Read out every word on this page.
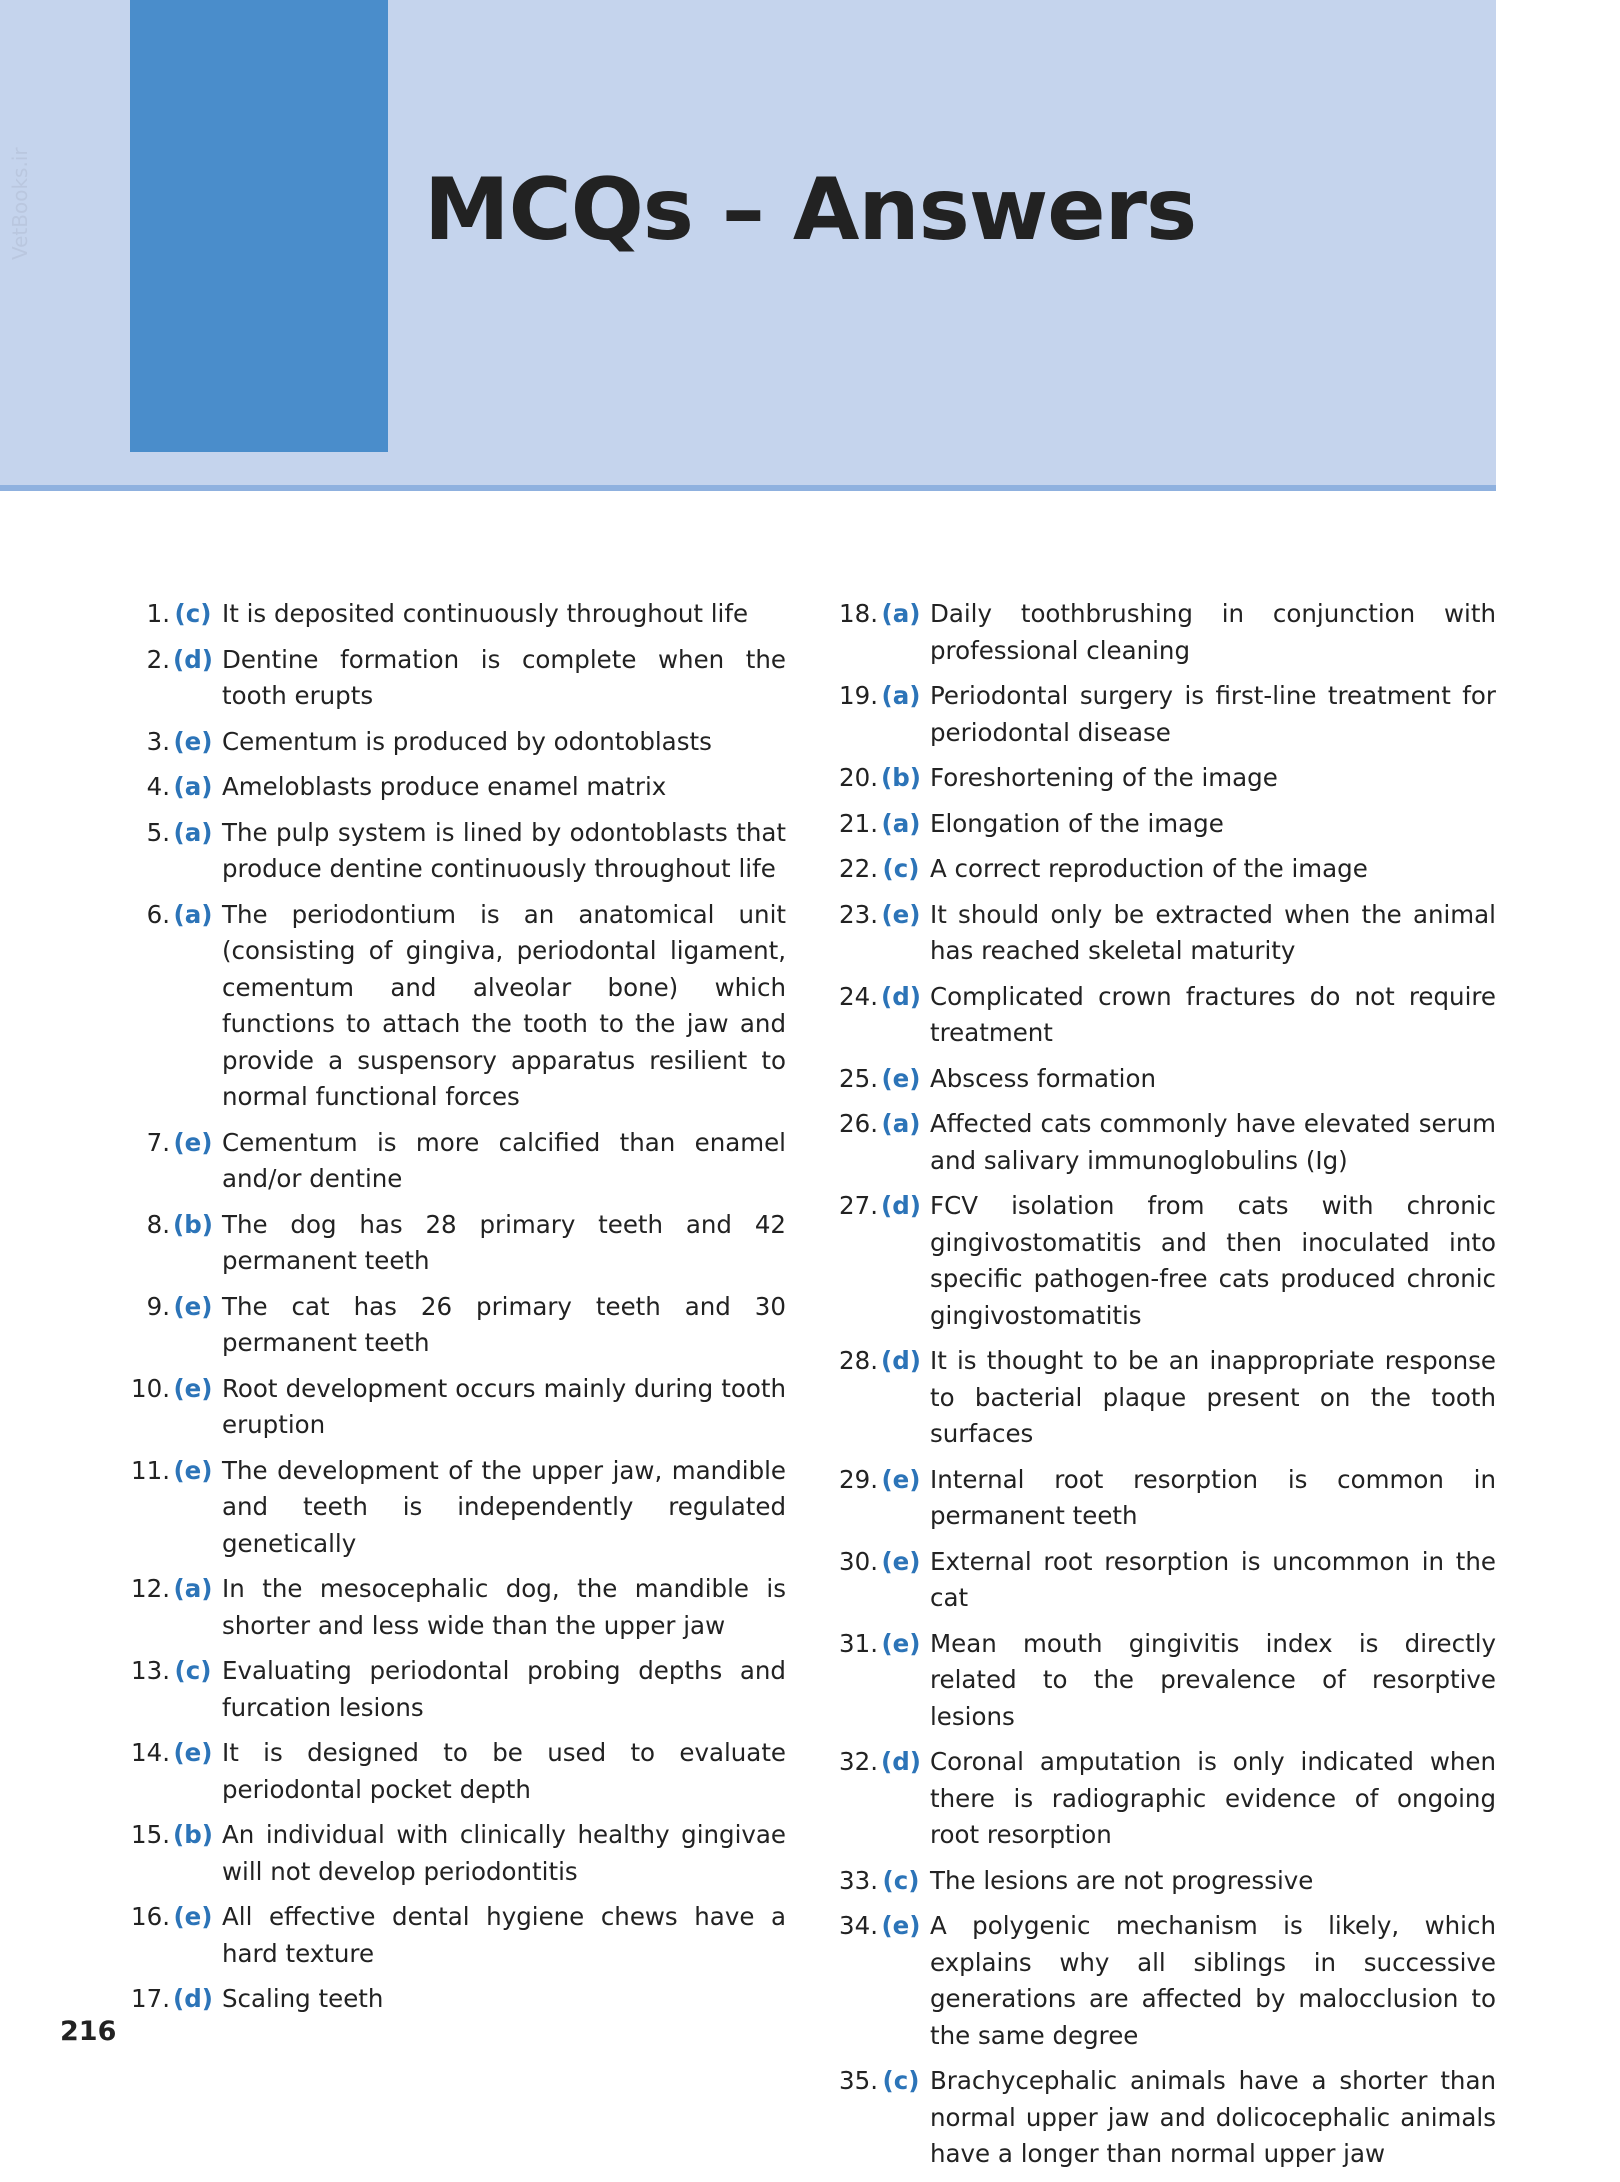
MCQs – Answers
VetBooks.ir
1. (c) It is deposited continuously throughout life
2. (d) Dentine formation is complete when the tooth erupts
3. (e) Cementum is produced by odontoblasts
4. (a) Ameloblasts produce enamel matrix
5. (a) The pulp system is lined by odontoblasts that produce dentine continuously throughout life
6. (a) The periodontium is an anatomical unit (consisting of gingiva, periodontal ligament, cementum and alveolar bone) which functions to attach the tooth to the jaw and provide a suspensory apparatus resilient to normal functional forces
7. (e) Cementum is more calcified than enamel and/or dentine
8. (b) The dog has 28 primary teeth and 42 permanent teeth
9. (e) The cat has 26 primary teeth and 30 permanent teeth
10. (e) Root development occurs mainly during tooth eruption
11. (e) The development of the upper jaw, mandible and teeth is independently regulated genetically
12. (a) In the mesocephalic dog, the mandible is shorter and less wide than the upper jaw
13. (c) Evaluating periodontal probing depths and furcation lesions
14. (e) It is designed to be used to evaluate periodontal pocket depth
15. (b) An individual with clinically healthy gingivae will not develop periodontitis
16. (e) All effective dental hygiene chews have a hard texture
17. (d) Scaling teeth
18. (a) Daily toothbrushing in conjunction with professional cleaning
19. (a) Periodontal surgery is first-line treatment for periodontal disease
20. (b) Foreshortening of the image
21. (a) Elongation of the image
22. (c) A correct reproduction of the image
23. (e) It should only be extracted when the animal has reached skeletal maturity
24. (d) Complicated crown fractures do not require treatment
25. (e) Abscess formation
26. (a) Affected cats commonly have elevated serum and salivary immunoglobulins (Ig)
27. (d) FCV isolation from cats with chronic gingivostomatitis and then inoculated into specific pathogen-free cats produced chronic gingivostomatitis
28. (d) It is thought to be an inappropriate response to bacterial plaque present on the tooth surfaces
29. (e) Internal root resorption is common in permanent teeth
30. (e) External root resorption is uncommon in the cat
31. (e) Mean mouth gingivitis index is directly related to the prevalence of resorptive lesions
32. (d) Coronal amputation is only indicated when there is radiographic evidence of ongoing root resorption
33. (c) The lesions are not progressive
34. (e) A polygenic mechanism is likely, which explains why all siblings in successive generations are affected by malocclusion to the same degree
35. (c) Brachycephalic animals have a shorter than normal upper jaw and dolicocephalic animals have a longer than normal upper jaw
216
